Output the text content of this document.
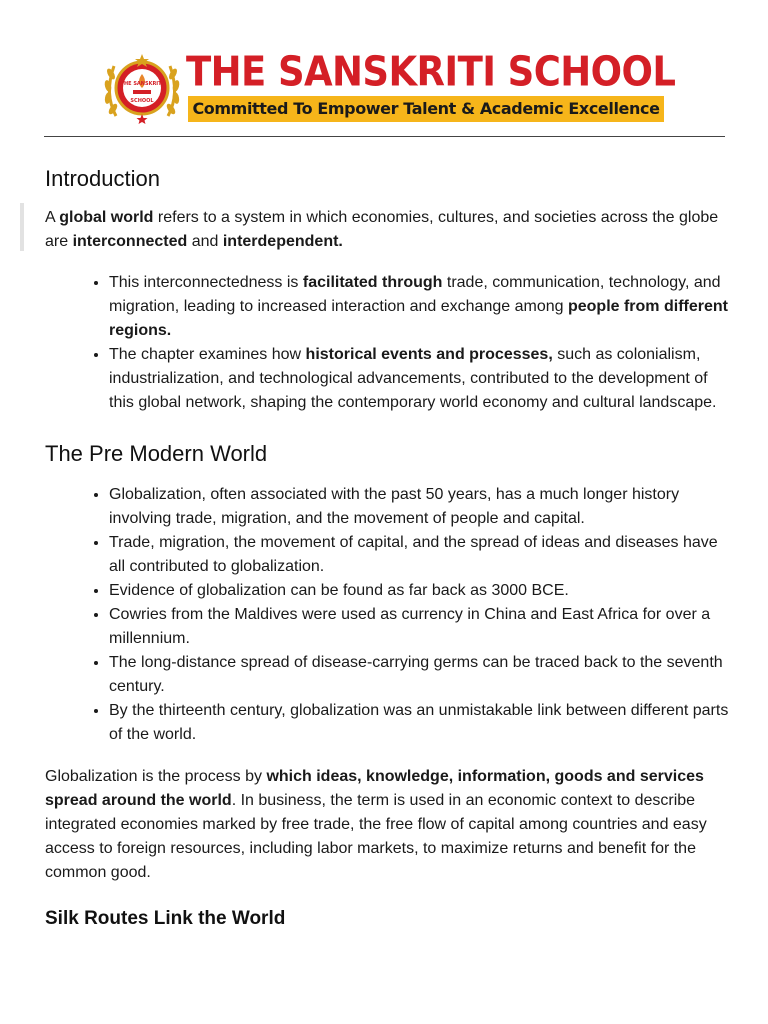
THE SANSKRITI
SCHOOL
THE SANSKRITI SCHOOL
Committed To Empower Talent & Academic Excellence
Introduction

A global world refers to a system in which economies, cultures, and societies across the globe are interconnected and interdependent.

• This interconnectedness is facilitated through trade, communication, technology, and migration, leading to increased interaction and exchange among people from different regions.
• The chapter examines how historical events and processes, such as colonialism, industrialization, and technological advancements, contributed to the development of this global network, shaping the contemporary world economy and cultural landscape.
The Pre Modern World
• Globalization, often associated with the past 50 years, has a much longer history involving trade, migration, and the movement of people and capital.
• Trade, migration, the movement of capital, and the spread of ideas and diseases have all contributed to globalization.
• Evidence of globalization can be found as far back as 3000 BCE.
• Cowries from the Maldives were used as currency in China and East Africa for over a millennium.
• The long-distance spread of disease-carrying germs can be traced back to the seventh century.
• By the thirteenth century, globalization was an unmistakable link between different parts of the world.

Globalization is the process by which ideas, knowledge, information, goods and services spread around the world. In business, the term is used in an economic context to describe integrated economies marked by free trade, the free flow of capital among countries and easy access to foreign resources, including labor markets, to maximize returns and benefit for the common good.

Silk Routes Link the World
